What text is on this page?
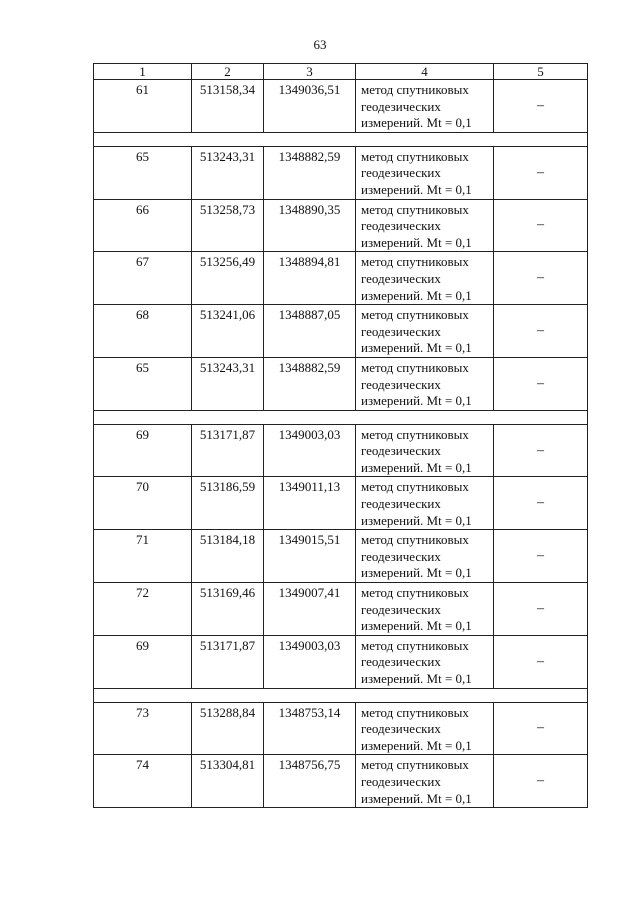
63
1	2	3	4	5
61	513158,34	1349036,51	метод спутниковых
геодезических
измерений. Mt = 0,1	–

65	513243,31	1348882,59	метод спутниковых
геодезических
измерений. Mt = 0,1	–
66	513258,73	1348890,35	метод спутниковых
геодезических
измерений. Mt = 0,1	–
67	513256,49	1348894,81	метод спутниковых
геодезических
измерений. Mt = 0,1	–
68	513241,06	1348887,05	метод спутниковых
геодезических
измерений. Mt = 0,1	–
65	513243,31	1348882,59	метод спутниковых
геодезических
измерений. Mt = 0,1	–

69	513171,87	1349003,03	метод спутниковых
геодезических
измерений. Mt = 0,1	–
70	513186,59	1349011,13	метод спутниковых
геодезических
измерений. Mt = 0,1	–
71	513184,18	1349015,51	метод спутниковых
геодезических
измерений. Mt = 0,1	–
72	513169,46	1349007,41	метод спутниковых
геодезических
измерений. Mt = 0,1	–
69	513171,87	1349003,03	метод спутниковых
геодезических
измерений. Mt = 0,1	–

73	513288,84	1348753,14	метод спутниковых
геодезических
измерений. Mt = 0,1	–
74	513304,81	1348756,75	метод спутниковых
геодезических
измерений. Mt = 0,1	–
